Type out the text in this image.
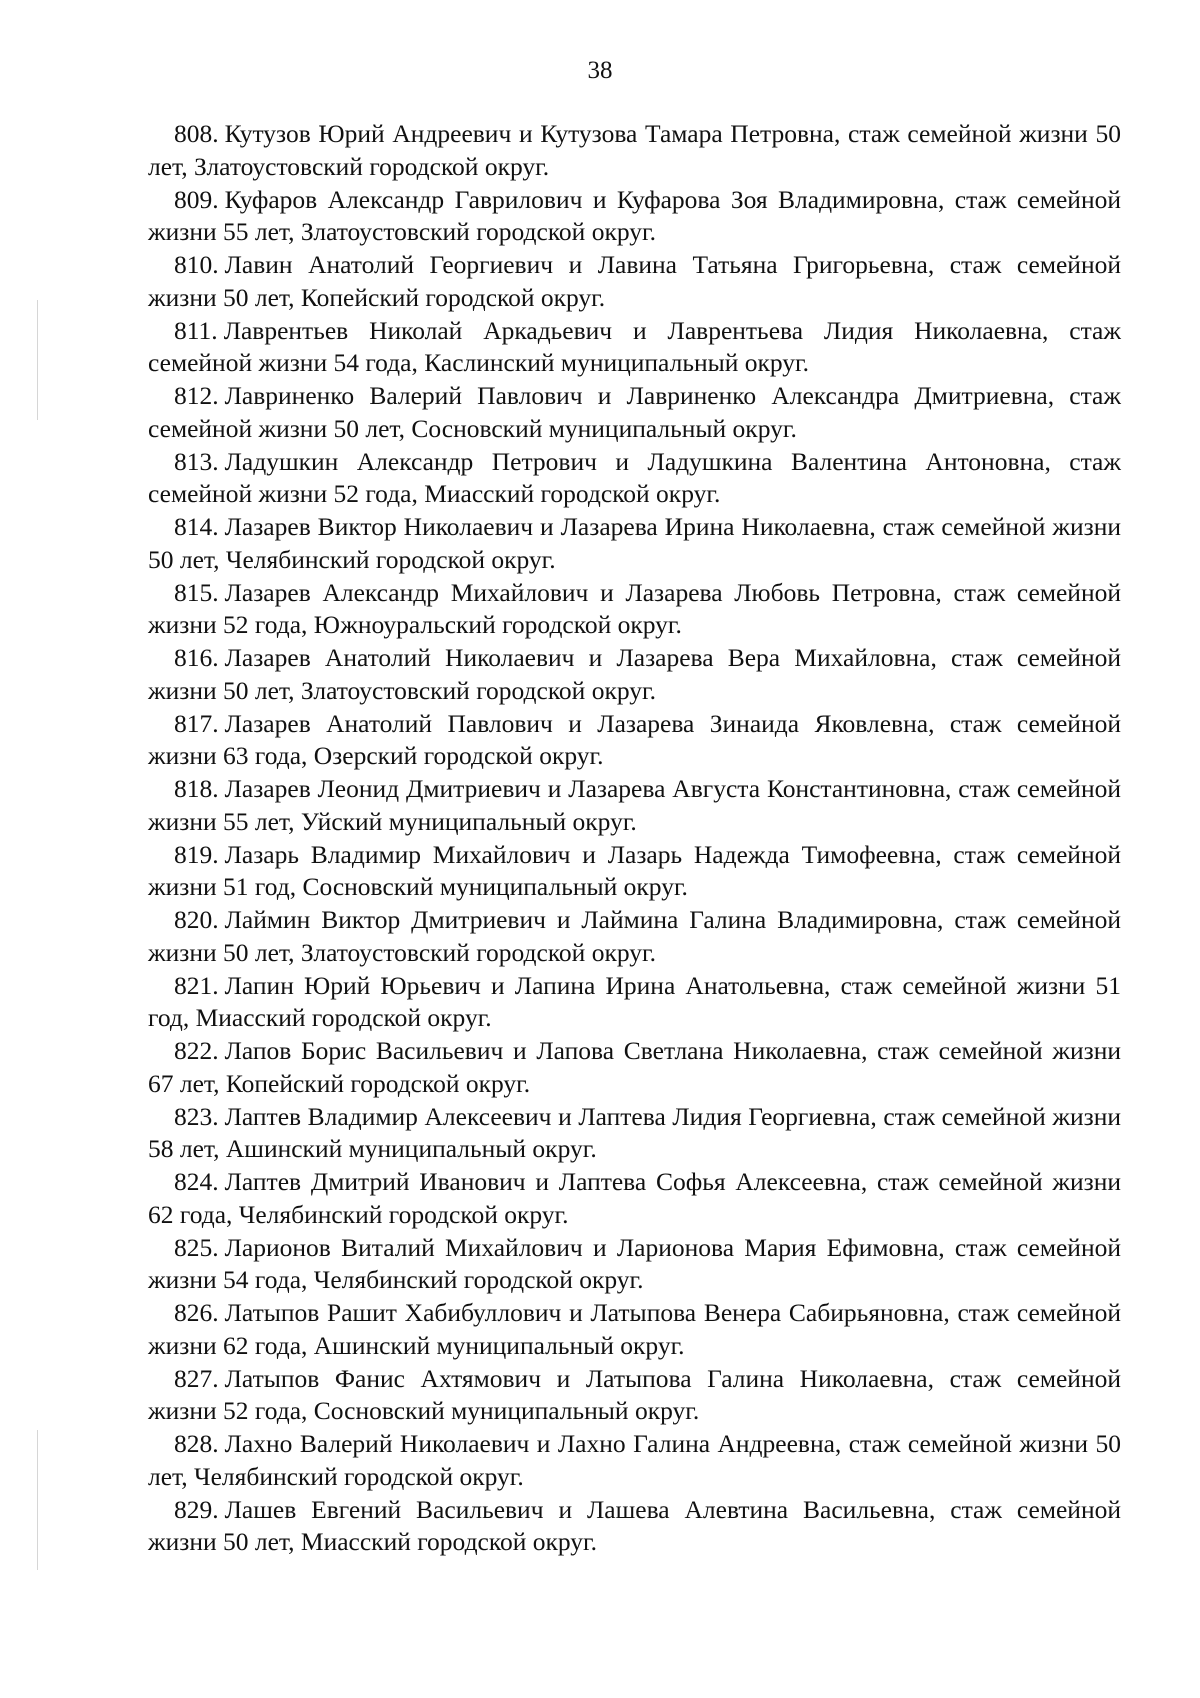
38

808. Кутузов Юрий Андреевич и Кутузова Тамара Петровна, стаж семейной жизни 50 лет, Златоустовский городской округ.

809. Куфаров Александр Гаврилович и Куфарова Зоя Владимировна, стаж семейной жизни 55 лет, Златоустовский городской округ.

810. Лавин Анатолий Георгиевич и Лавина Татьяна Григорьевна, стаж семейной жизни 50 лет, Копейский городской округ.

811. Лаврентьев Николай Аркадьевич и Лаврентьева Лидия Николаевна, стаж семейной жизни 54 года, Каслинский муниципальный округ.

812. Лавриненко Валерий Павлович и Лавриненко Александра Дмитриевна, стаж семейной жизни 50 лет, Сосновский муниципальный округ.

813. Ладушкин Александр Петрович и Ладушкина Валентина Антоновна, стаж семейной жизни 52 года, Миасский городской округ.

814. Лазарев Виктор Николаевич и Лазарева Ирина Николаевна, стаж семейной жизни 50 лет, Челябинский городской округ.

815. Лазарев Александр Михайлович и Лазарева Любовь Петровна, стаж семейной жизни 52 года, Южноуральский городской округ.

816. Лазарев Анатолий Николаевич и Лазарева Вера Михайловна, стаж семейной жизни 50 лет, Златоустовский городской округ.

817. Лазарев Анатолий Павлович и Лазарева Зинаида Яковлевна, стаж семейной жизни 63 года, Озерский городской округ.

818. Лазарев Леонид Дмитриевич и Лазарева Августа Константиновна, стаж семейной жизни 55 лет, Уйский муниципальный округ.

819. Лазарь Владимир Михайлович и Лазарь Надежда Тимофеевна, стаж семейной жизни 51 год, Сосновский муниципальный округ.

820. Лаймин Виктор Дмитриевич и Лаймина Галина Владимировна, стаж семейной жизни 50 лет, Златоустовский городской округ.

821. Лапин Юрий Юрьевич и Лапина Ирина Анатольевна, стаж семейной жизни 51 год, Миасский городской округ.

822. Лапов Борис Васильевич и Лапова Светлана Николаевна, стаж семейной жизни 67 лет, Копейский городской округ.

823. Лаптев Владимир Алексеевич и Лаптева Лидия Георгиевна, стаж семейной жизни 58 лет, Ашинский муниципальный округ.

824. Лаптев Дмитрий Иванович и Лаптева Софья Алексеевна, стаж семейной жизни 62 года, Челябинский городской округ.

825. Ларионов Виталий Михайлович и Ларионова Мария Ефимовна, стаж семейной жизни 54 года, Челябинский городской округ.

826. Латыпов Рашит Хабибуллович и Латыпова Венера Сабирьяновна, стаж семейной жизни 62 года, Ашинский муниципальный округ.

827. Латыпов Фанис Ахтямович и Латыпова Галина Николаевна, стаж семейной жизни 52 года, Сосновский муниципальный округ.

828. Лахно Валерий Николаевич и Лахно Галина Андреевна, стаж семейной жизни 50 лет, Челябинский городской округ.

829. Лашев Евгений Васильевич и Лашева Алевтина Васильевна, стаж семейной жизни 50 лет, Миасский городской округ.
